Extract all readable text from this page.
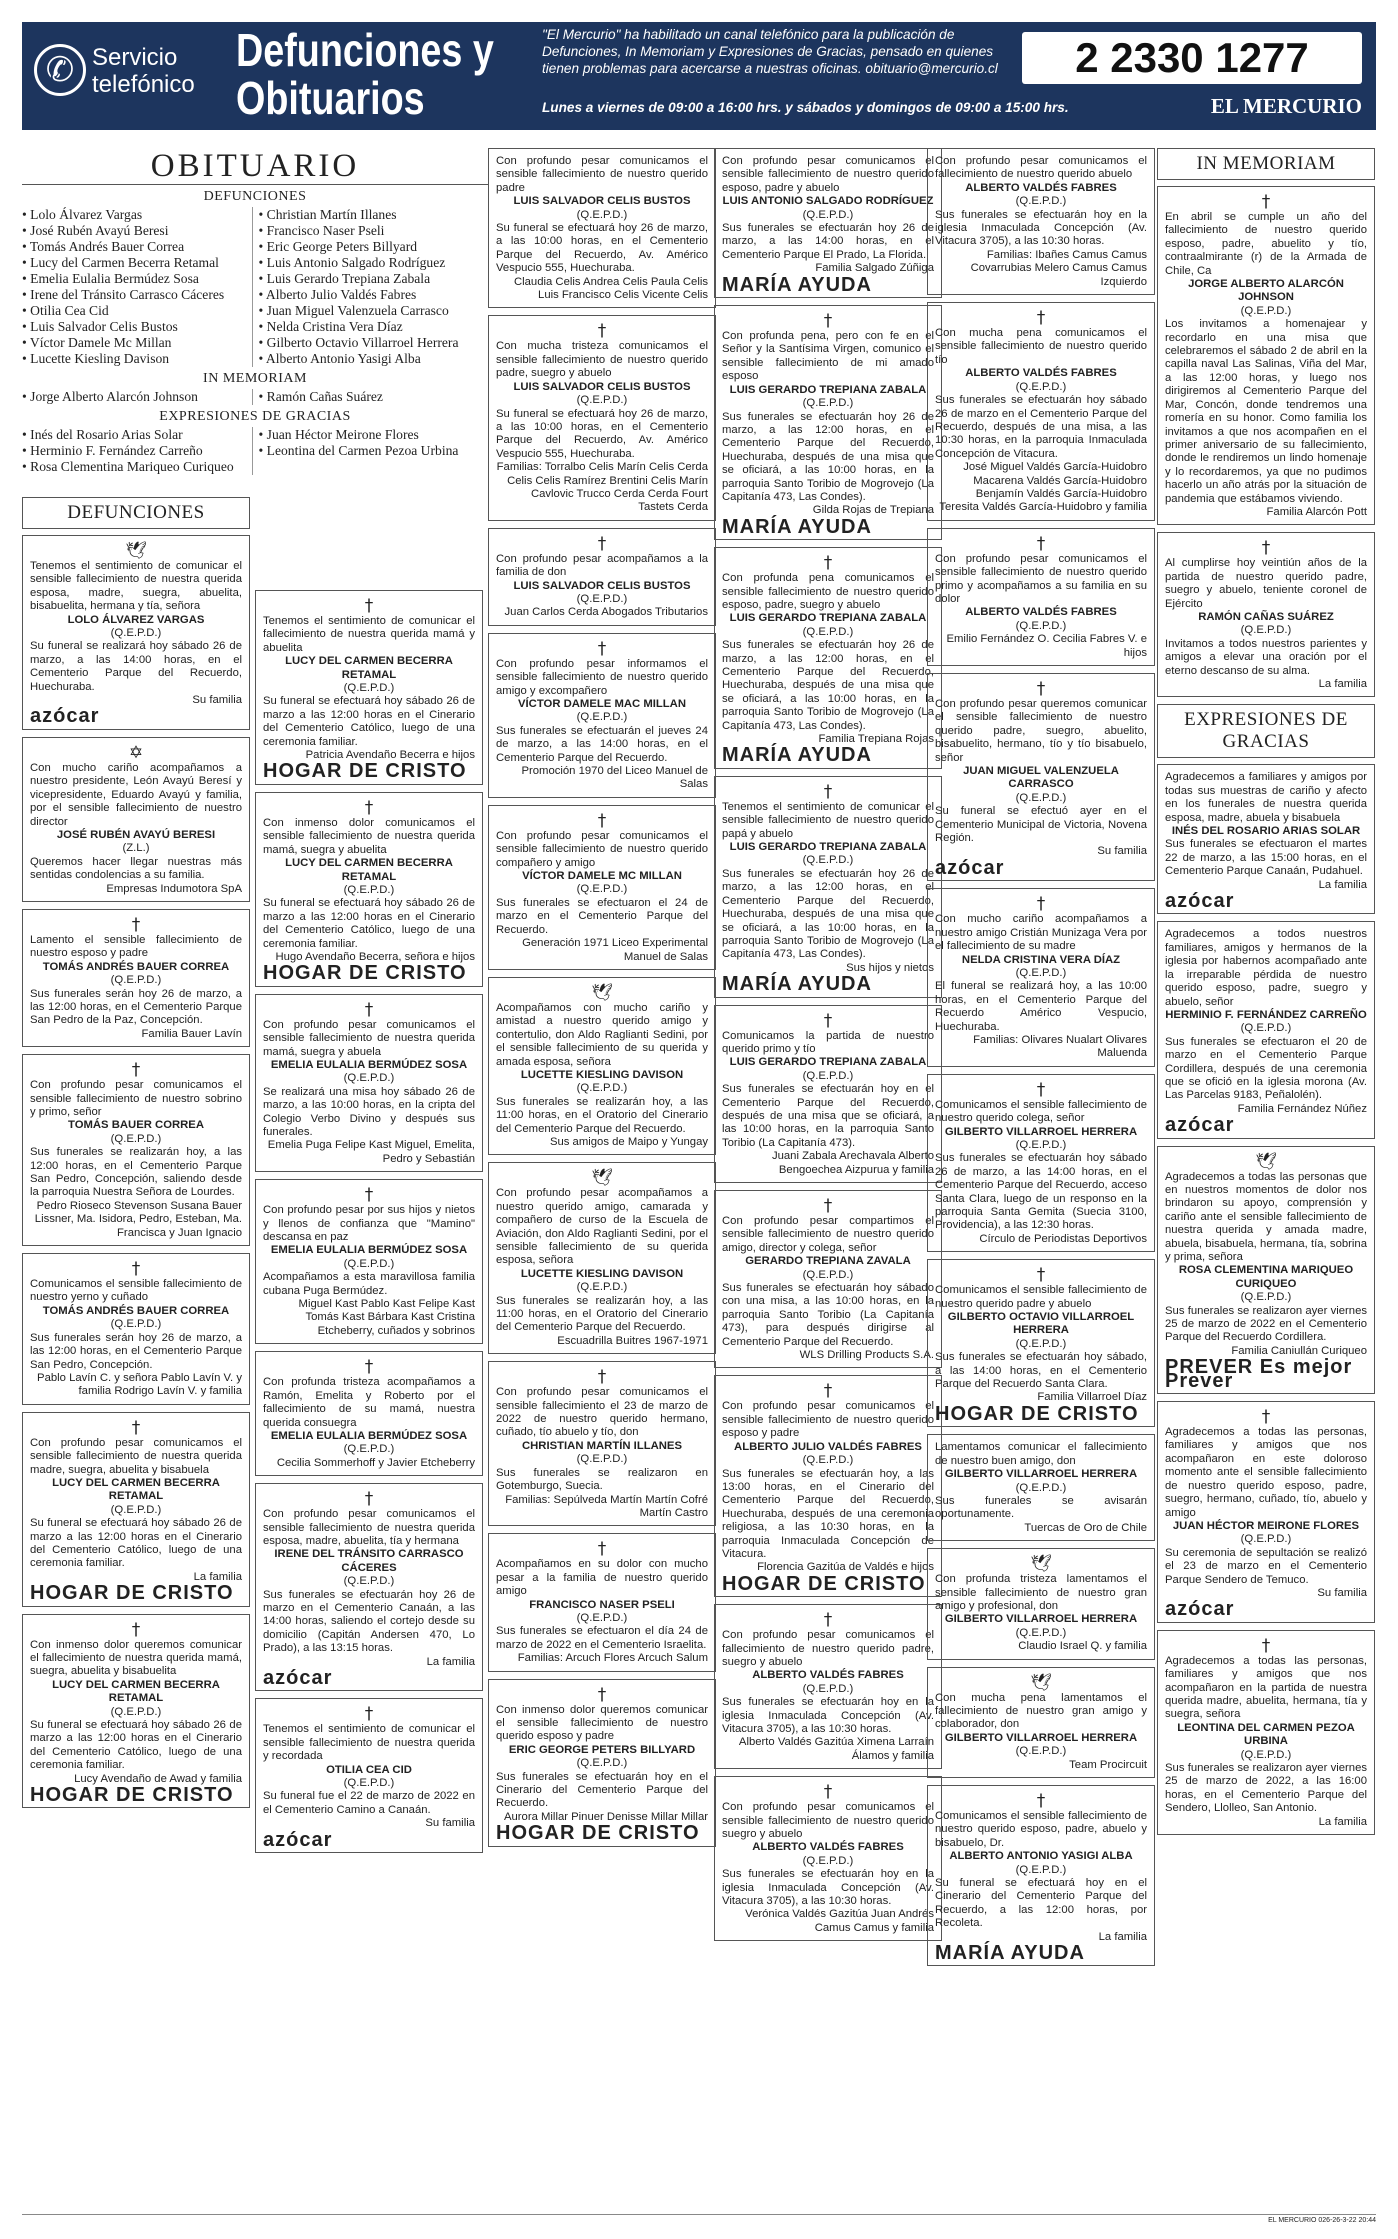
✆ Servicio telefónico
Defunciones y Obituarios
"El Mercurio" ha habilitado un canal telefónico para la publicación de Defunciones, In Memoriam y Expresiones de Gracias, pensado en quienes tienen problemas para acercarse a nuestras oficinas. obituario@mercurio.cl
Lunes a viernes de 09:00 a 16:00 hrs. y sábados y domingos de 09:00 a 15:00 hrs.
2 2330 1277
EL MERCURIO
OBITUARIO
DEFUNCIONES

• Lolo Álvarez Vargas

• José Rubén Avayú Beresi

• Tomás Andrés Bauer Correa

• Lucy del Carmen Becerra Retamal

• Emelia Eulalia Bermúdez Sosa

• Irene del Tránsito Carrasco Cáceres

• Otilia Cea Cid

• Luis Salvador Celis Bustos

• Víctor Damele Mc Millan

• Lucette Kiesling Davison

• Christian Martín Illanes

• Francisco Naser Pseli

• Eric George Peters Billyard

• Luis Antonio Salgado Rodríguez

• Luis Gerardo Trepiana Zabala

• Alberto Julio Valdés Fabres

• Juan Miguel Valenzuela Carrasco

• Nelda Cristina Vera Díaz

• Gilberto Octavio Villarroel Herrera

• Alberto Antonio Yasigi Alba

IN MEMORIAM

• Jorge Alberto Alarcón Johnson

•	Ramón Cañas Suárez

EXPRESIONES DE GRACIAS

• Inés del Rosario Arias Solar

• Herminio F. Fernández Carreño

• Rosa Clementina Mariqueo Curiqueo

• Juan Héctor Meirone Flores

• Leontina del Carmen Pezoa Urbina

DEFUNCIONES
🕊
Tenemos el sentimiento de comunicar el sensible fallecimiento de nuestra querida esposa, madre, suegra, abuelita, bisabuelita, hermana y tía, señora
LOLO ÁLVAREZ VARGAS
(Q.E.P.D.)
Su funeral se realizará hoy sábado 26 de marzo, a las 14:00 horas, en el Cementerio Parque del Recuerdo, Huechuraba.
Su familia
azócar
✡
Con mucho cariño acompañamos a nuestro presidente, León Avayú Beresí y vicepresidente, Eduardo Avayú y familia, por el sensible fallecimiento de nuestro director
JOSÉ RUBÉN AVAYÚ BERESI
(Z.L.)
Queremos hacer llegar nuestras más sentidas condolencias a su familia.
Empresas Indumotora SpA
†
Lamento el sensible fallecimiento de nuestro esposo y padre
TOMÁS ANDRÉS BAUER CORREA
(Q.E.P.D.)
Sus funerales serán hoy 26 de marzo, a las 12:00 horas, en el Cementerio Parque San Pedro de la Paz, Concepción.
Familia Bauer Lavín
†
Con profundo pesar comunicamos el sensible fallecimiento de nuestro sobrino y primo, señor
TOMÁS BAUER CORREA
(Q.E.P.D.)
Sus funerales se realizarán hoy, a las 12:00 horas, en el Cementerio Parque San Pedro, Concepción, saliendo desde la parroquia Nuestra Señora de Lourdes.
Pedro Rioseco Stevenson Susana Bauer Lissner, Ma. Isidora, Pedro, Esteban, Ma. Francisca y Juan Ignacio
†
Comunicamos el sensible fallecimiento de nuestro yerno y cuñado
TOMÁS ANDRÉS BAUER CORREA
(Q.E.P.D.)
Sus funerales serán hoy 26 de marzo, a las 12:00 horas, en el Cementerio Parque San Pedro, Concepción.
Pablo Lavín C. y señora Pablo Lavín V. y familia Rodrigo Lavín V. y familia
†
Con profundo pesar comunicamos el sensible fallecimiento de nuestra querida madre, suegra, abuelita y bisabuela
LUCY DEL CARMEN BECERRA RETAMAL
(Q.E.P.D.)
Su funeral se efectuará hoy sábado 26 de marzo a las 12:00 horas en el Cinerario del Cementerio Católico, luego de una ceremonia familiar.
La familia
HOGAR DE CRISTO
†
Con inmenso dolor queremos comunicar el fallecimiento de nuestra querida mamá, suegra, abuelita y bisabuelita
LUCY DEL CARMEN BECERRA RETAMAL
(Q.E.P.D.)
Su funeral se efectuará hoy sábado 26 de marzo a las 12:00 horas en el Cinerario del Cementerio Católico, luego de una ceremonia familiar.
Lucy Avendaño de Awad y familia
HOGAR DE CRISTO
†
Tenemos el sentimiento de comunicar el fallecimiento de nuestra querida mamá y abuelita
LUCY DEL CARMEN BECERRA RETAMAL
(Q.E.P.D.)
Su funeral se efectuará hoy sábado 26 de marzo a las 12:00 horas en el Cinerario del Cementerio Católico, luego de una ceremonia familiar.
Patricia Avendaño Becerra e hijos
HOGAR DE CRISTO
†
Con inmenso dolor comunicamos el sensible fallecimiento de nuestra querida mamá, suegra y abuelita
LUCY DEL CARMEN BECERRA RETAMAL
(Q.E.P.D.)
Su funeral se efectuará hoy sábado 26 de marzo a las 12:00 horas en el Cinerario del Cementerio Católico, luego de una ceremonia familiar.
Hugo Avendaño Becerra, señora e hijos
HOGAR DE CRISTO
†
Con profundo pesar comunicamos el sensible fallecimiento de nuestra querida mamá, suegra y abuela
EMELIA EULALIA BERMÚDEZ SOSA
(Q.E.P.D.)
Se realizará una misa hoy sábado 26 de marzo, a las 10:00 horas, en la cripta del Colegio Verbo Divino y después sus funerales.
Emelia Puga Felipe Kast Miguel, Emelita, Pedro y Sebastián
†
Con profundo pesar por sus hijos y nietos y llenos de confianza que "Mamino" descansa en paz
EMELIA EULALIA BERMÚDEZ SOSA
(Q.E.P.D.)
Acompañamos a esta maravillosa familia cubana Puga Bermúdez.
Miguel Kast Pablo Kast Felipe Kast Tomás Kast Bárbara Kast Cristina Etcheberry, cuñados y sobrinos
†
Con profunda tristeza acompañamos a Ramón, Emelita y Roberto por el fallecimiento de su mamá, nuestra querida consuegra
EMELIA EULALIA BERMÚDEZ SOSA
(Q.E.P.D.)
Cecilia Sommerhoff y Javier Etcheberry
†
Con profundo pesar comunicamos el sensible fallecimiento de nuestra querida esposa, madre, abuelita, tía y hermana
IRENE DEL TRÁNSITO CARRASCO CÁCERES
(Q.E.P.D.)
Sus funerales se efectuarán hoy 26 de marzo en el Cementerio Canaán, a las 14:00 horas, saliendo el cortejo desde su domicilio (Capitán Andersen 470, Lo Prado), a las 13:15 horas.
La familia
azócar
†
Tenemos el sentimiento de comunicar el sensible fallecimiento de nuestra querida y recordada
OTILIA CEA CID
(Q.E.P.D.)
Su funeral fue el 22 de marzo de 2022 en el Cementerio Camino a Canaán.
Su familia
azócar
Con profundo pesar comunicamos el sensible fallecimiento de nuestro querido padre
LUIS SALVADOR CELIS BUSTOS
(Q.E.P.D.)
Su funeral se efectuará hoy 26 de marzo, a las 10:00 horas, en el Cementerio Parque del Recuerdo, Av. Américo Vespucio 555, Huechuraba.
Claudia Celis Andrea Celis Paula Celis Luis Francisco Celis Vicente Celis
†
Con mucha tristeza comunicamos el sensible fallecimiento de nuestro querido padre, suegro y abuelo
LUIS SALVADOR CELIS BUSTOS
(Q.E.P.D.)
Su funeral se efectuará hoy 26 de marzo, a las 10:00 horas, en el Cementerio Parque del Recuerdo, Av. Américo Vespucio 555, Huechuraba.
Familias: Torralbo Celis Marín Celis Cerda Celis Celis Ramírez Brentini Celis Marín Cavlovic Trucco Cerda Cerda Fourt Tastets Cerda
†
Con profundo pesar acompañamos a la familia de don
LUIS SALVADOR CELIS BUSTOS
(Q.E.P.D.)
Juan Carlos Cerda Abogados Tributarios
†
Con profundo pesar informamos el sensible fallecimiento de nuestro querido amigo y excompañero
VÍCTOR DAMELE MAC MILLAN
(Q.E.P.D.)
Sus funerales se efectuarán el jueves 24 de marzo, a las 14:00 horas, en el Cementerio Parque del Recuerdo.
Promoción 1970 del Liceo Manuel de Salas
†
Con profundo pesar comunicamos el sensible fallecimiento de nuestro querido compañero y amigo
VÍCTOR DAMELE MC MILLAN
(Q.E.P.D.)
Sus funerales se efectuaron el 24 de marzo en el Cementerio Parque del Recuerdo.
Generación 1971 Liceo Experimental Manuel de Salas
🕊
Acompañamos con mucho cariño y amistad a nuestro querido amigo y contertulio, don Aldo Raglianti Sedini, por el sensible fallecimiento de su querida y amada esposa, señora
LUCETTE KIESLING DAVISON
(Q.E.P.D.)
Sus funerales se realizarán hoy, a las 11:00 horas, en el Oratorio del Cinerario del Cementerio Parque del Recuerdo.
Sus amigos de Maipo y Yungay
🕊
Con profundo pesar acompañamos a nuestro querido amigo, camarada y compañero de curso de la Escuela de Aviación, don Aldo Raglianti Sedini, por el sensible fallecimiento de su querida esposa, señora
LUCETTE KIESLING DAVISON
(Q.E.P.D.)
Sus funerales se realizarán hoy, a las 11:00 horas, en el Oratorio del Cinerario del Cementerio Parque del Recuerdo.
Escuadrilla Buitres 1967-1971
†
Con profundo pesar comunicamos el sensible fallecimiento el 23 de marzo de 2022 de nuestro querido hermano, cuñado, tío abuelo y tío, don
CHRISTIAN MARTÍN ILLANES
(Q.E.P.D.)
Sus funerales se realizaron en Gotemburgo, Suecia.
Familias: Sepúlveda Martín Martín Cofré Martín Castro
†
Acompañamos en su dolor con mucho pesar a la familia de nuestro querido amigo
FRANCISCO NASER PSELI
(Q.E.P.D.)
Sus funerales se efectuaron el día 24 de marzo de 2022 en el Cementerio Israelita.
Familias: Arcuch Flores Arcuch Salum
†
Con inmenso dolor queremos comunicar el sensible fallecimiento de nuestro querido esposo y padre
ERIC GEORGE PETERS BILLYARD
(Q.E.P.D.)
Sus funerales se efectuarán hoy en el Cinerario del Cementerio Parque del Recuerdo.
Aurora Millar Pinuer Denisse Millar Millar
HOGAR DE CRISTO
Con profundo pesar comunicamos el sensible fallecimiento de nuestro querido esposo, padre y abuelo
LUIS ANTONIO SALGADO RODRÍGUEZ
(Q.E.P.D.)
Sus funerales se efectuarán hoy 26 de marzo, a las 14:00 horas, en el Cementerio Parque El Prado, La Florida.
Familia Salgado Zúñiga
MARÍA AYUDA
†
Con profunda pena, pero con fe en el Señor y la Santísima Virgen, comunico el sensible fallecimiento de mi amado esposo
LUIS GERARDO TREPIANA ZABALA
(Q.E.P.D.)
Sus funerales se efectuarán hoy 26 de marzo, a las 12:00 horas, en el Cementerio Parque del Recuerdo, Huechuraba, después de una misa que se oficiará, a las 10:00 horas, en la parroquia Santo Toribio de Mogrovejo (La Capitanía 473, Las Condes).
Gilda Rojas de Trepiana
MARÍA AYUDA
†
Con profunda pena comunicamos el sensible fallecimiento de nuestro querido esposo, padre, suegro y abuelo
LUIS GERARDO TREPIANA ZABALA
(Q.E.P.D.)
Sus funerales se efectuarán hoy 26 de marzo, a las 12:00 horas, en el Cementerio Parque del Recuerdo, Huechuraba, después de una misa que se oficiará, a las 10:00 horas, en la parroquia Santo Toribio de Mogrovejo (La Capitanía 473, Las Condes).
Familia Trepiana Rojas
MARÍA AYUDA
†
Tenemos el sentimiento de comunicar el sensible fallecimiento de nuestro querido papá y abuelo
LUIS GERARDO TREPIANA ZABALA
(Q.E.P.D.)
Sus funerales se efectuarán hoy 26 de marzo, a las 12:00 horas, en el Cementerio Parque del Recuerdo, Huechuraba, después de una misa que se oficiará, a las 10:00 horas, en la parroquia Santo Toribio de Mogrovejo (La Capitanía 473, Las Condes).
Sus hijos y nietos
MARÍA AYUDA
†
Comunicamos la partida de nuestro querido primo y tío
LUIS GERARDO TREPIANA ZABALA
(Q.E.P.D.)
Sus funerales se efectuarán hoy en el Cementerio Parque del Recuerdo, después de una misa que se oficiará, a las 10:00 horas, en la parroquia Santo Toribio (La Capitanía 473).
Juani Zabala Arechavala Alberto Bengoechea Aizpurua y familia
†
Con profundo pesar compartimos el sensible fallecimiento de nuestro querido amigo, director y colega, señor
GERARDO TREPIANA ZAVALA
(Q.E.P.D.)
Sus funerales se efectuarán hoy sábado con una misa, a las 10:00 horas, en la parroquia Santo Toribio (La Capitanía 473), para después dirigirse al Cementerio Parque del Recuerdo.
WLS Drilling Products S.A.
†
Con profundo pesar comunicamos el sensible fallecimiento de nuestro querido esposo y padre
ALBERTO JULIO VALDÉS FABRES
(Q.E.P.D.)
Sus funerales se efectuarán hoy, a las 13:00 horas, en el Cinerario del Cementerio Parque del Recuerdo, Huechuraba, después de una ceremonia religiosa, a las 10:30 horas, en la parroquia Inmaculada Concepción de Vitacura.
Florencia Gazitúa de Valdés e hijos
HOGAR DE CRISTO
†
Con profundo pesar comunicamos el fallecimiento de nuestro querido padre, suegro y abuelo
ALBERTO VALDÉS FABRES
(Q.E.P.D.)
Sus funerales se efectuarán hoy en la iglesia Inmaculada Concepción (Av. Vitacura 3705), a las 10:30 horas.
Alberto Valdés Gazitúa Ximena Larraín Álamos y familia
†
Con profundo pesar comunicamos el sensible fallecimiento de nuestro querido suegro y abuelo
ALBERTO VALDÉS FABRES
(Q.E.P.D.)
Sus funerales se efectuarán hoy en la iglesia Inmaculada Concepción (Av. Vitacura 3705), a las 10:30 horas.
Verónica Valdés Gazitúa Juan Andrés Camus Camus y familia
Con profundo pesar comunicamos el fallecimiento de nuestro querido abuelo
ALBERTO VALDÉS FABRES
(Q.E.P.D.)
Sus funerales se efectuarán hoy en la iglesia Inmaculada Concepción (Av. Vitacura 3705), a las 10:30 horas.
Familias: Ibañes Camus Camus Covarrubias Melero Camus Camus Izquierdo
†
Con mucha pena comunicamos el sensible fallecimiento de nuestro querido tío
ALBERTO VALDÉS FABRES
(Q.E.P.D.)
Sus funerales se efectuarán hoy sábado 26 de marzo en el Cementerio Parque del Recuerdo, después de una misa, a las 10:30 horas, en la parroquia Inmaculada Concepción de Vitacura.
José Miguel Valdés García-Huidobro Macarena Valdés García-Huidobro Benjamín Valdés García-Huidobro Teresita Valdés García-Huidobro y familia
†
Con profundo pesar comunicamos el sensible fallecimiento de nuestro querido primo y acompañamos a su familia en su dolor
ALBERTO VALDÉS FABRES
(Q.E.P.D.)
Emilio Fernández O. Cecilia Fabres V. e hijos
†
Con profundo pesar queremos comunicar el sensible fallecimiento de nuestro querido padre, suegro, abuelito, bisabuelito, hermano, tío y tío bisabuelo, señor
JUAN MIGUEL VALENZUELA CARRASCO
(Q.E.P.D.)
Su funeral se efectuó ayer en el Cementerio Municipal de Victoria, Novena Región.
Su familia
azócar
†
Con mucho cariño acompañamos a nuestro amigo Cristián Munizaga Vera por el fallecimiento de su madre
NELDA CRISTINA VERA DÍAZ
(Q.E.P.D.)
El funeral se realizará hoy, a las 10:00 horas, en el Cementerio Parque del Recuerdo Américo Vespucio, Huechuraba.
Familias: Olivares Nualart Olivares Maluenda
†
Comunicamos el sensible fallecimiento de nuestro querido colega, señor
GILBERTO VILLARROEL HERRERA
(Q.E.P.D.)
Sus funerales se efectuarán hoy sábado 26 de marzo, a las 14:00 horas, en el Cementerio Parque del Recuerdo, acceso Santa Clara, luego de un responso en la parroquia Santa Gemita (Suecia 3100, Providencia), a las 12:30 horas.
Círculo de Periodistas Deportivos
†
Comunicamos el sensible fallecimiento de nuestro querido padre y abuelo
GILBERTO OCTAVIO VILLARROEL HERRERA
(Q.E.P.D.)
Sus funerales se efectuarán hoy sábado, a las 14:00 horas, en el Cementerio Parque del Recuerdo Santa Clara.
Familia Villarroel Díaz
HOGAR DE CRISTO
Lamentamos comunicar el fallecimiento de nuestro buen amigo, don
GILBERTO VILLARROEL HERRERA
(Q.E.P.D.)
Sus funerales se avisarán oportunamente.
Tuercas de Oro de Chile
🕊
Con profunda tristeza lamentamos el sensible fallecimiento de nuestro gran amigo y profesional, don
GILBERTO VILLARROEL HERRERA
(Q.E.P.D.)
Claudio Israel Q. y familia
🕊
Con mucha pena lamentamos el fallecimiento de nuestro gran amigo y colaborador, don
GILBERTO VILLARROEL HERRERA
(Q.E.P.D.)
Team Procircuit
†
Comunicamos el sensible fallecimiento de nuestro querido esposo, padre, abuelo y bisabuelo, Dr.
ALBERTO ANTONIO YASIGI ALBA
(Q.E.P.D.)
Su funeral se efectuará hoy en el Cinerario del Cementerio Parque del Recuerdo, a las 12:00 horas, por Recoleta.
La familia
MARÍA AYUDA
IN MEMORIAM
†
En abril se cumple un año del fallecimiento de nuestro querido esposo, padre, abuelito y tío, contraalmirante (r) de la Armada de Chile, Ca
JORGE ALBERTO ALARCÓN JOHNSON
(Q.E.P.D.)
Los invitamos a homenajear y recordarlo en una misa que celebraremos el sábado 2 de abril en la capilla naval Las Salinas, Viña del Mar, a las 12:00 horas, y luego nos dirigiremos al Cementerio Parque del Mar, Concón, donde tendremos una romería en su honor. Como familia los invitamos a que nos acompañen en el primer aniversario de su fallecimiento, donde le rendiremos un lindo homenaje y lo recordaremos, ya que no pudimos hacerlo un año atrás por la situación de pandemia que estábamos viviendo.
Familia Alarcón Pott
†
Al cumplirse hoy veintiún años de la partida de nuestro querido padre, suegro y abuelo, teniente coronel de Ejército
RAMÓN CAÑAS SUÁREZ
(Q.E.P.D.)
Invitamos a todos nuestros parientes y amigos a elevar una oración por el eterno descanso de su alma.
La familia
EXPRESIONES DE GRACIAS
Agradecemos a familiares y amigos por todas sus muestras de cariño y afecto en los funerales de nuestra querida esposa, madre, abuela y bisabuela
INÉS DEL ROSARIO ARIAS SOLAR
Sus funerales se efectuaron el martes 22 de marzo, a las 15:00 horas, en el Cementerio Parque Canaán, Pudahuel.
La familia
azócar
Agradecemos a todos nuestros familiares, amigos y hermanos de la iglesia por habernos acompañado ante la irreparable pérdida de nuestro querido esposo, padre, suegro y abuelo, señor
HERMINIO F. FERNÁNDEZ CARREÑO
(Q.E.P.D.)
Sus funerales se efectuaron el 20 de marzo en el Cementerio Parque Cordillera, después de una ceremonia que se ofició en la iglesia morona (Av. Las Parcelas 9183, Peñalolén).
Familia Fernández Núñez
azócar
🕊
Agradecemos a todas las personas que en nuestros momentos de dolor nos brindaron su apoyo, comprensión y cariño ante el sensible fallecimiento de nuestra querida y amada madre, abuela, bisabuela, hermana, tía, sobrina y prima, señora
ROSA CLEMENTINA MARIQUEO CURIQUEO
(Q.E.P.D.)
Sus funerales se realizaron ayer viernes 25 de marzo de 2022 en el Cementerio Parque del Recuerdo Cordillera.
Familia Caniullán Curiqueo
PREVER Es mejor Prever
†
Agradecemos a todas las personas, familiares y amigos que nos acompañaron en este doloroso momento ante el sensible fallecimiento de nuestro querido esposo, padre, suegro, hermano, cuñado, tío, abuelo y amigo
JUAN HÉCTOR MEIRONE FLORES
(Q.E.P.D.)
Su ceremonia de sepultación se realizó el 23 de marzo en el Cementerio Parque Sendero de Temuco.
Su familia
azócar
†
Agradecemos a todas las personas, familiares y amigos que nos acompañaron en la partida de nuestra querida madre, abuelita, hermana, tía y suegra, señora
LEONTINA DEL CARMEN PEZOA URBINA
(Q.E.P.D.)
Sus funerales se realizaron ayer viernes 25 de marzo de 2022, a las 16:00 horas, en el Cementerio Parque del Sendero, Llolleo, San Antonio.
La familia
EL MERCURIO 026-26-3-22 20:44
